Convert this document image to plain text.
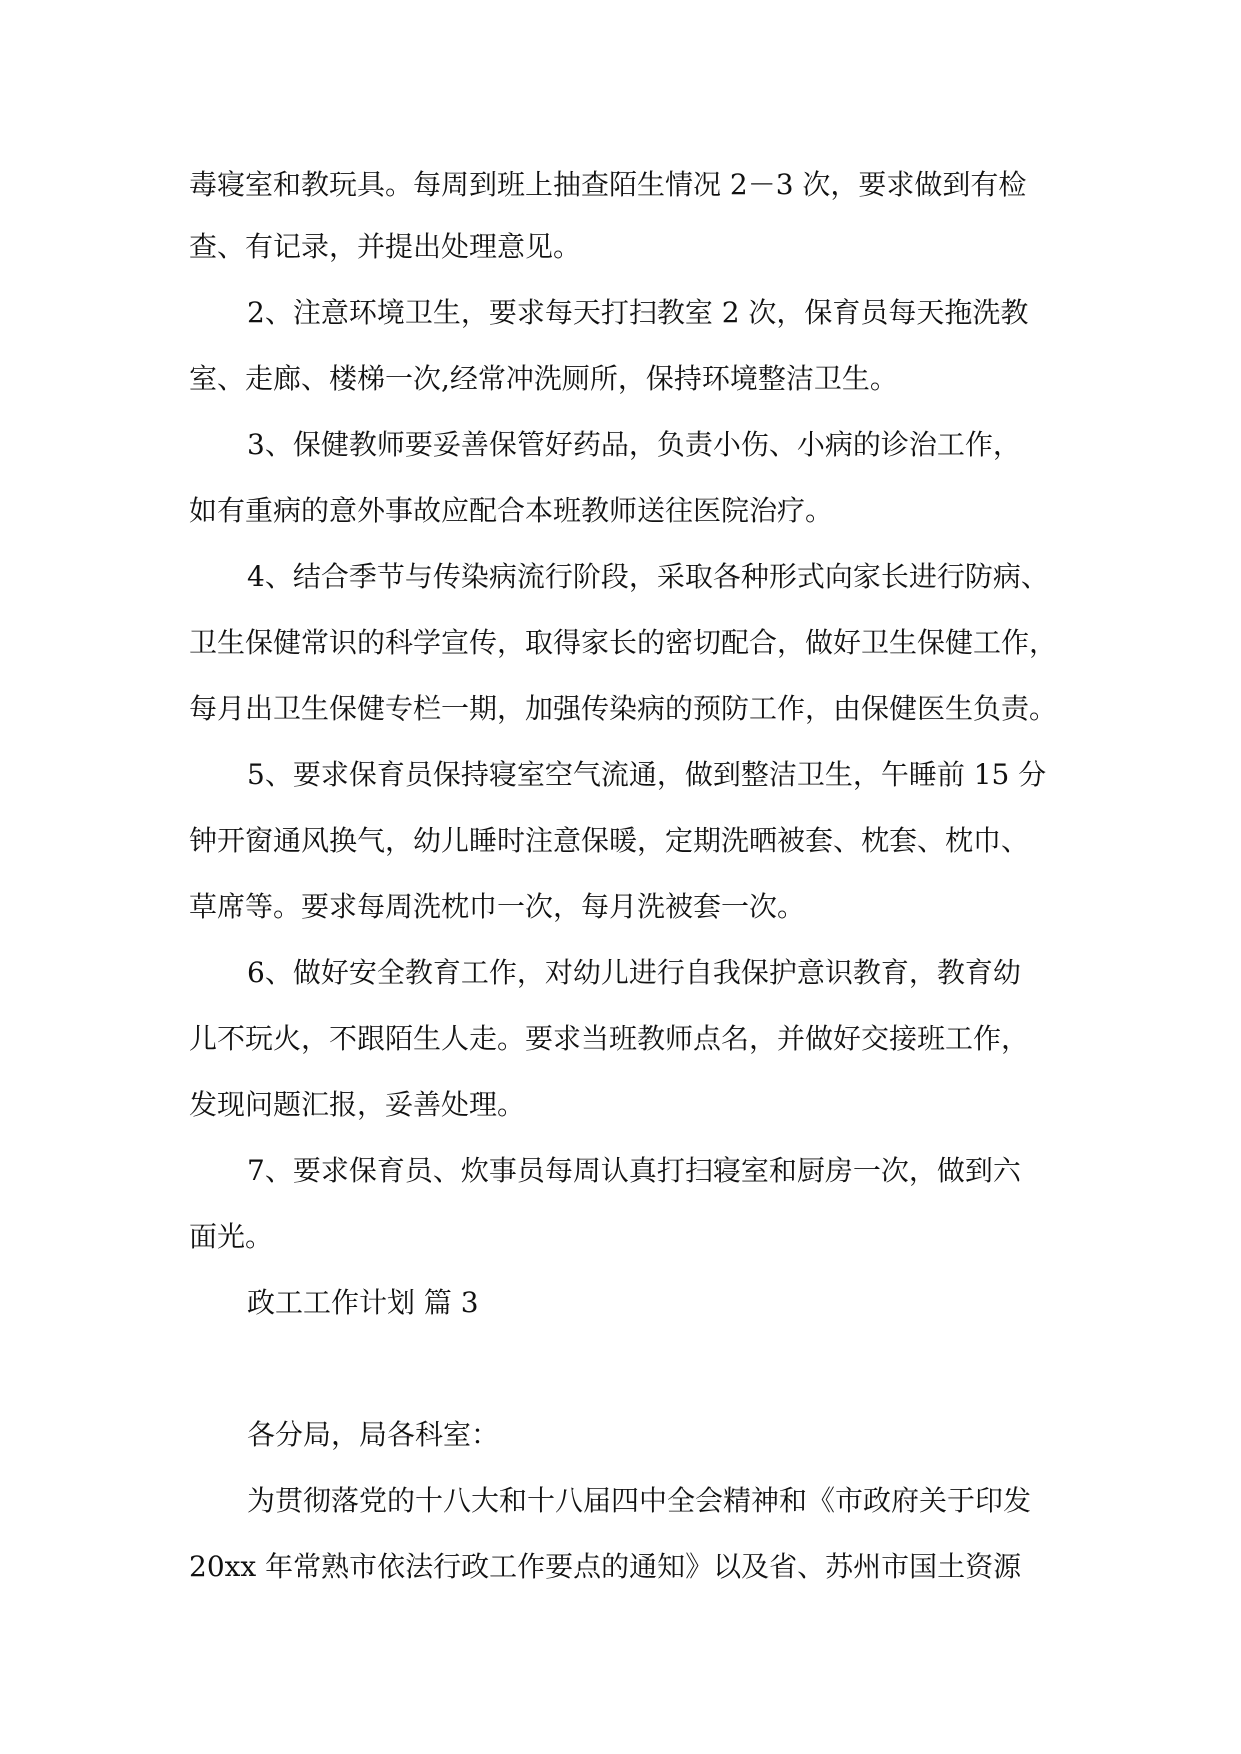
毒寝室和教玩具。每周到班上抽查陌生情况 2－3 次，要求做到有检
查、有记录，并提出处理意见。
2、注意环境卫生，要求每天打扫教室 2 次，保育员每天拖洗教
室、走廊、楼梯一次,经常冲洗厕所，保持环境整洁卫生。
3、保健教师要妥善保管好药品，负责小伤、小病的诊治工作，
如有重病的意外事故应配合本班教师送往医院治疗。
4、结合季节与传染病流行阶段，采取各种形式向家长进行防病、
卫生保健常识的科学宣传，取得家长的密切配合，做好卫生保健工作，
每月出卫生保健专栏一期，加强传染病的预防工作，由保健医生负责。
5、要求保育员保持寝室空气流通，做到整洁卫生，午睡前 15 分
钟开窗通风换气，幼儿睡时注意保暖，定期洗晒被套、枕套、枕巾、
草席等。要求每周洗枕巾一次，每月洗被套一次。
6、做好安全教育工作，对幼儿进行自我保护意识教育，教育幼
儿不玩火，不跟陌生人走。要求当班教师点名，并做好交接班工作，
发现问题汇报，妥善处理。
7、要求保育员、炊事员每周认真打扫寝室和厨房一次，做到六
面光。
政工工作计划 篇 3
各分局，局各科室：
为贯彻落党的十八大和十八届四中全会精神和《市政府关于印发
20xx 年常熟市依法行政工作要点的通知》以及省、苏州市国土资源
